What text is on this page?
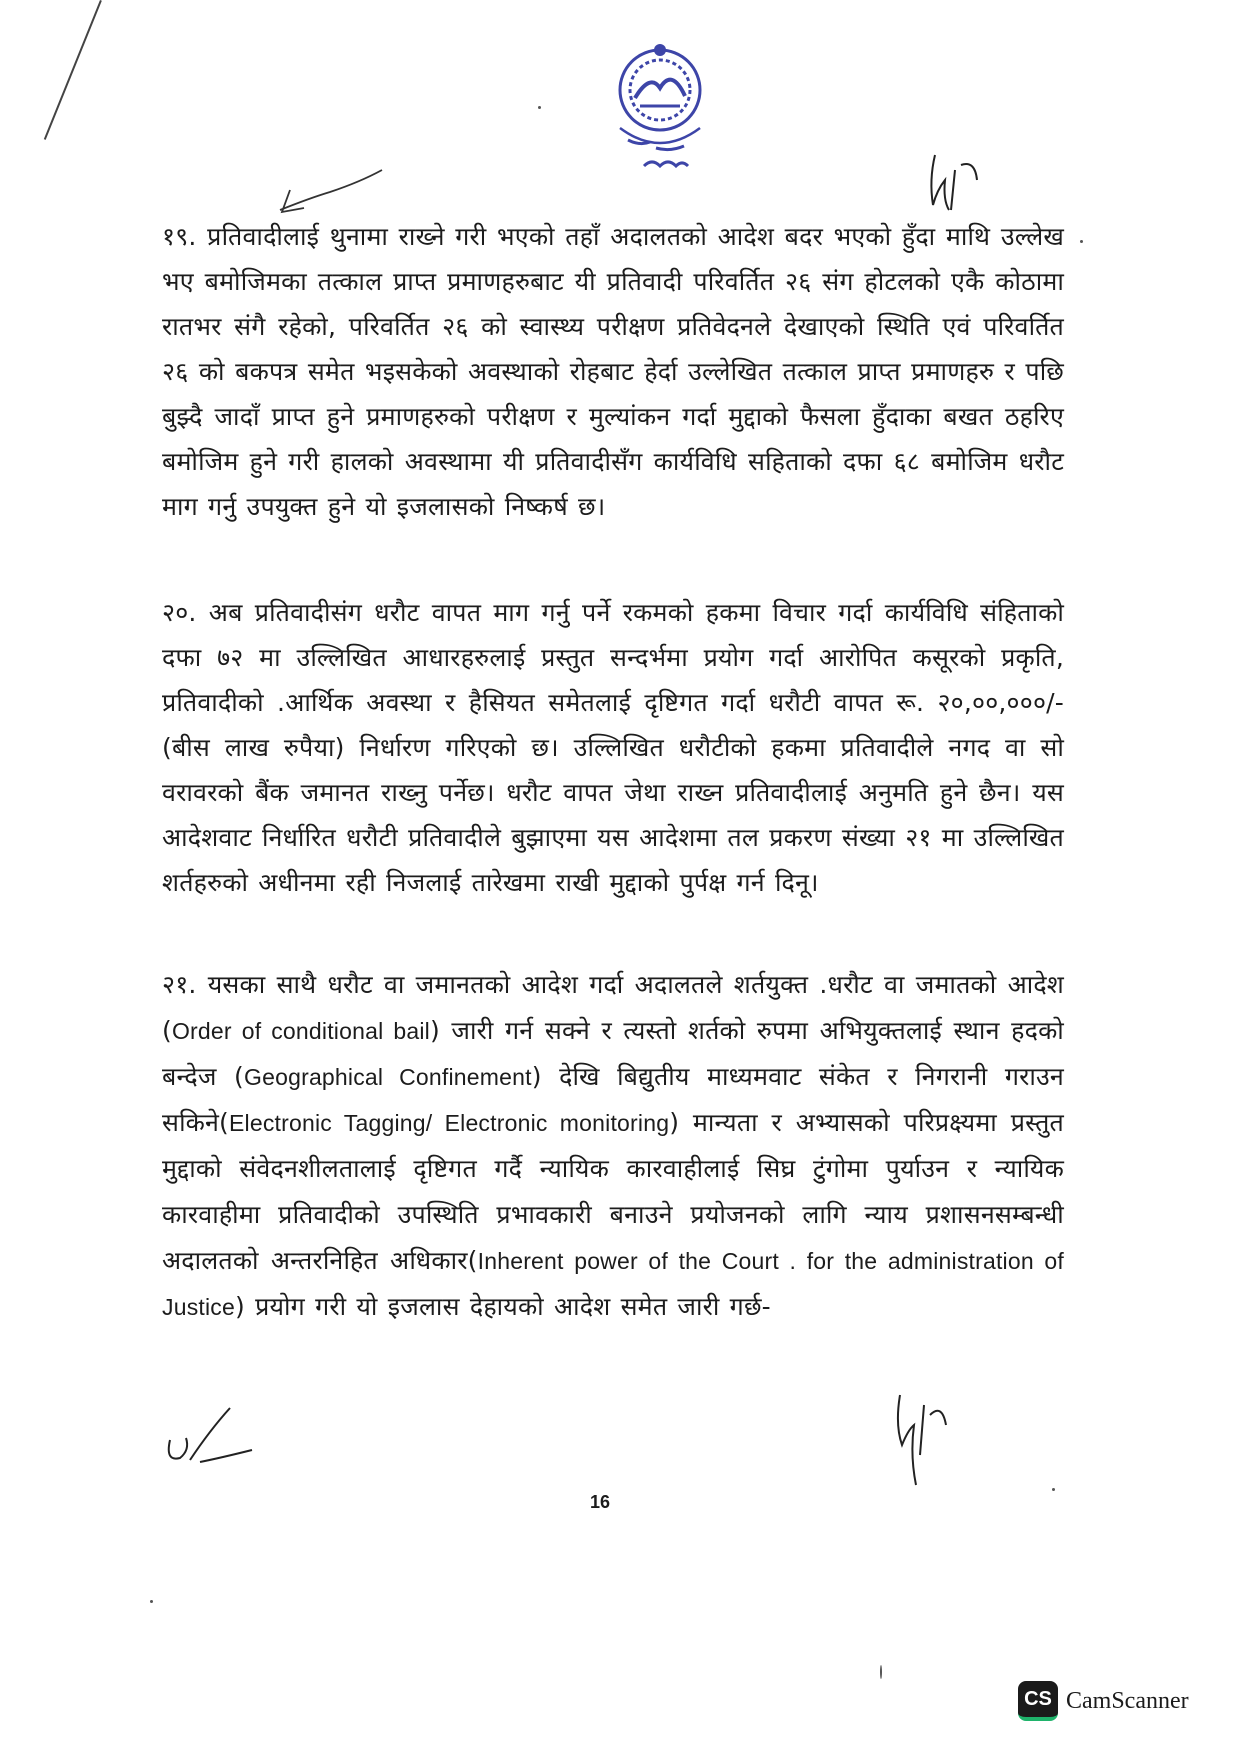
१९. प्रतिवादीलाई थुनामा राख्ने गरी भएको तहाँ अदालतको आदेश बदर भएको हुँदा माथि उल्लेख भए बमोजिमका तत्काल प्राप्त प्रमाणहरुबाट यी प्रतिवादी परिवर्तित २६ संग होटलको एकै कोठामा रातभर संगै रहेको, परिवर्तित २६ को स्वास्थ्य परीक्षण प्रतिवेदनले देखाएको स्थिति एवं परिवर्तित २६ को बकपत्र समेत भइसकेको अवस्थाको रोहबाट हेर्दा उल्लेखित तत्काल प्राप्त प्रमाणहरु र पछि बुझ्दै जादाँ प्राप्त हुने प्रमाणहरुको परीक्षण र मुल्यांकन गर्दा मुद्दाको फैसला हुँदाका बखत ठहरिए बमोजिम हुने गरी हालको अवस्थामा यी प्रतिवादीसँग कार्यविधि सहिताको दफा ६८ बमोजिम धरौट माग गर्नु उपयुक्त हुने यो इजलासको निष्कर्ष छ।

२०. अब प्रतिवादीसंग धरौट वापत माग गर्नु पर्ने रकमको हकमा विचार गर्दा कार्यविधि संहिताको दफा ७२ मा उल्लिखित आधारहरुलाई प्रस्तुत सन्दर्भमा प्रयोग गर्दा आरोपित कसूरको प्रकृति, प्रतिवादीको .आर्थिक अवस्था र हैसियत समेतलाई दृष्टिगत गर्दा धरौटी वापत रू. २०,००,०००/-(बीस लाख रुपैया) निर्धारण गरिएको छ। उल्लिखित धरौटीको हकमा प्रतिवादीले नगद वा सो वरावरको बैंक जमानत राख्नु पर्नेछ। धरौट वापत जेथा राख्न प्रतिवादीलाई अनुमति हुने छैन। यस आदेशवाट निर्धारित धरौटी प्रतिवादीले बुझाएमा यस आदेशमा तल प्रकरण संख्या २१ मा उल्लिखित शर्तहरुको अधीनमा रही निजलाई तारेखमा राखी मुद्दाको पुर्पक्ष गर्न दिनू।

२१. यसका साथै धरौट वा जमानतको आदेश गर्दा अदालतले शर्तयुक्त .धरौट वा जमातको आदेश (Order of conditional bail) जारी गर्न सक्ने र त्यस्तो शर्तको रुपमा अभियुक्तलाई स्थान हदको बन्देज (Geographical Confinement) देखि बिद्युतीय माध्यमवाट संकेत र निगरानी गराउन सकिने(Electronic Tagging/ Electronic monitoring) मान्यता र अभ्यासको परिप्रक्ष्यमा प्रस्तुत मुद्दाको संवेदनशीलतालाई दृष्टिगत गर्दै न्यायिक कारवाहीलाई सिघ्र टुंगोमा पुर्याउन र न्यायिक कारवाहीमा प्रतिवादीको उपस्थिति प्रभावकारी बनाउने प्रयोजनको लागि न्याय प्रशासनसम्बन्धी अदालतको अन्तरनिहित अधिकार(Inherent power of the Court . for the administration of Justice) प्रयोग गरी यो इजलास देहायको आदेश समेत जारी गर्छ-

16
CS CamScanner
